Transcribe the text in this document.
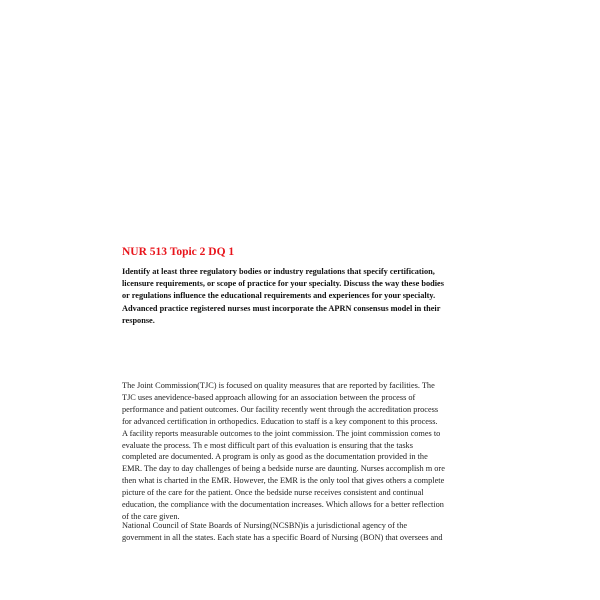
NUR 513 Topic 2 DQ 1

Identify at least three regulatory bodies or industry regulations that specify certification,
licensure requirements, or scope of practice for your specialty. Discuss the way these bodies
or regulations influence the educational requirements and experiences for your specialty.
Advanced practice registered nurses must incorporate the APRN consensus model in their
response.

The Joint Commission(TJC) is focused on quality measures that are reported by facilities. The
TJC uses anevidence-based approach allowing for an association between the process of
performance and patient outcomes. Our facility recently went through the accreditation process
for advanced certification in orthopedics. Education to staff is a key component to this process.
A facility reports measurable outcomes to the joint commission. The joint commission comes to
evaluate the process. Th e most difficult part of this evaluation is ensuring that the tasks
completed are documented. A program is only as good as the documentation provided in the
EMR. The day to day challenges of being a bedside nurse are daunting. Nurses accomplish m ore
then what is charted in the EMR. However, the EMR is the only tool that gives others a complete
picture of the care for the patient. Once the bedside nurse receives consistent and continual
education, the compliance with the documentation increases. Which allows for a better reflection
of the care given.

National Council of State Boards of Nursing(NCSBN)is a jurisdictional agency of the
government in all the states. Each state has a specific Board of Nursing (BON) that oversees and
